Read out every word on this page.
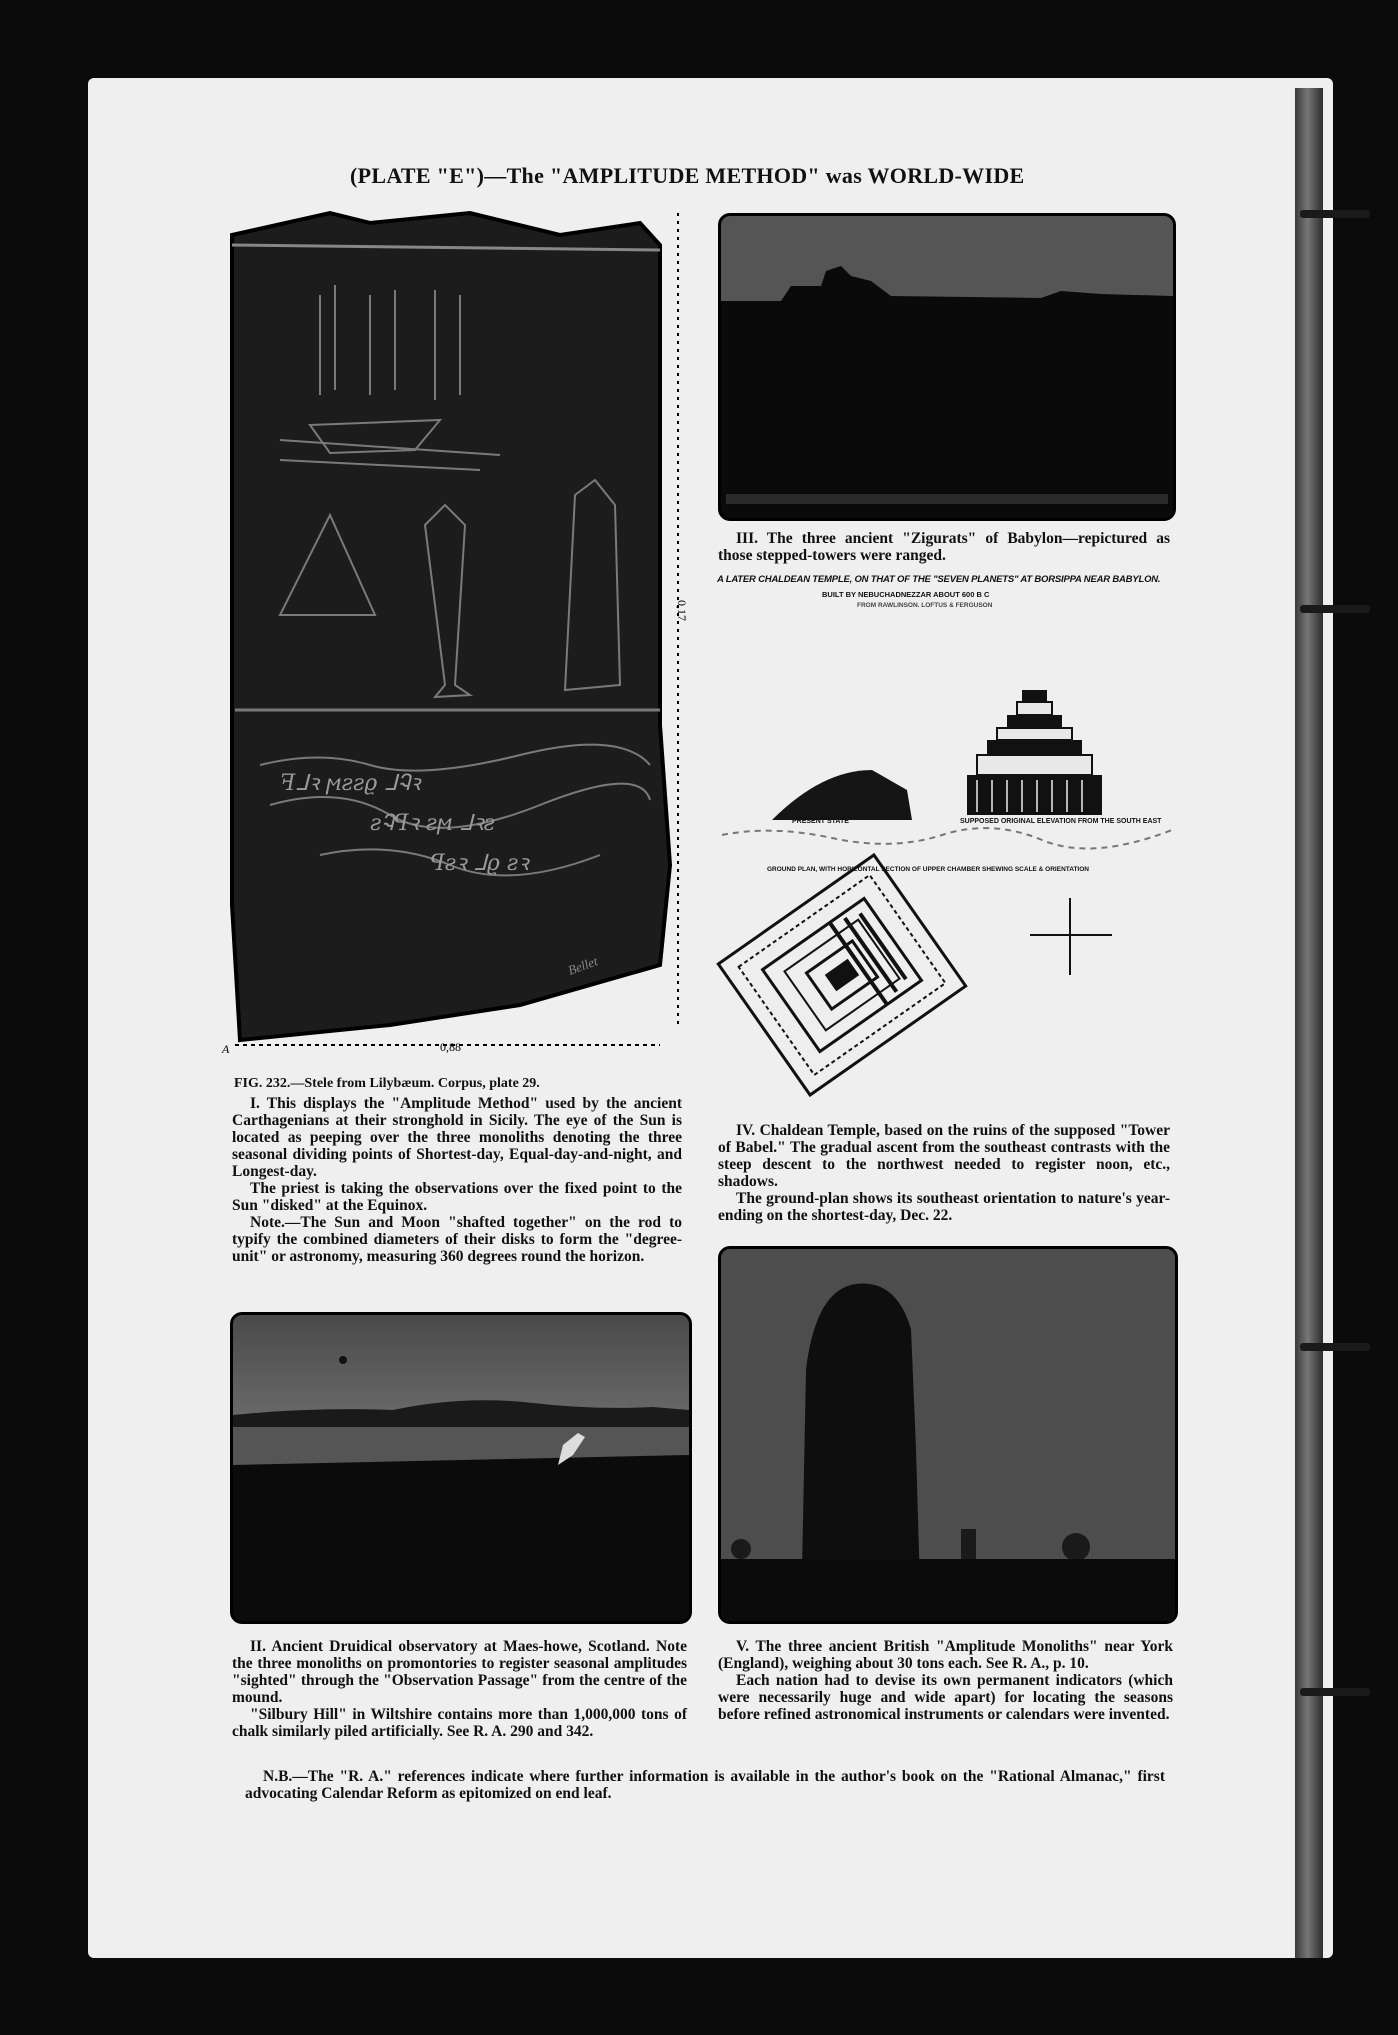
(PLATE "E")—The "AMPLITUDE METHOD" was WORLD-WIDE
ꟻᒧꝛ ϻꙅꙅϱ ᒧᎸꝛ
ꙅᎸꟼꝛ ꙅϻ ᒧꝛꙅ
ꟼꙅꝛ ᒧϱ ꙅꝛ
A	0,88
0,17
Bellet
FIG. 232.—Stele from Lilybæum. Corpus, plate 29.

I. This displays the "Amplitude Method" used by the ancient Carthagenians at their stronghold in Sicily. The eye of the Sun is located as peeping over the three monoliths denoting the three seasonal dividing points of Shortest-day, Equal-day-and-night, and Longest-day.

The priest is taking the observations over the fixed point to the Sun "disked" at the Equinox.

Note.—The Sun and Moon "shafted together" on the rod to typify the combined diameters of their disks to form the "degree-unit" or astronomy, measuring 360 degrees round the horizon.

III. The three ancient "Zigurats" of Babylon—repictured as those stepped-towers were ranged.

A LATER CHALDEAN TEMPLE, ON THAT OF THE "SEVEN PLANETS" AT BORSIPPA NEAR BABYLON.
BUILT BY NEBUCHADNEZZAR ABOUT 600 B C
FROM RAWLINSON. LOFTUS & FERGUSON
PRESENT STATE	SUPPOSED ORIGINAL ELEVATION FROM THE SOUTH EAST
GROUND PLAN, WITH HORIZONTAL SECTION OF UPPER CHAMBER SHEWING SCALE & ORIENTATION

IV. Chaldean Temple, based on the ruins of the supposed "Tower of Babel." The gradual ascent from the southeast contrasts with the steep descent to the northwest needed to register noon, etc., shadows.

The ground-plan shows its southeast orientation to nature's year-ending on the shortest-day, Dec. 22.

II. Ancient Druidical observatory at Maes-howe, Scotland. Note the three monoliths on promontories to register seasonal amplitudes "sighted" through the "Observation Passage" from the centre of the mound.

"Silbury Hill" in Wiltshire contains more than 1,000,000 tons of chalk similarly piled artificially. See R. A. 290 and 342.

V. The three ancient British "Amplitude Monoliths" near York (England), weighing about 30 tons each. See R. A., p. 10.

Each nation had to devise its own permanent indicators (which were necessarily huge and wide apart) for locating the seasons before refined astronomical instruments or calendars were invented.

N.B.—The "R. A." references indicate where further information is available in the author's book on the "Rational Almanac," first advocating Calendar Reform as epitomized on end leaf.
